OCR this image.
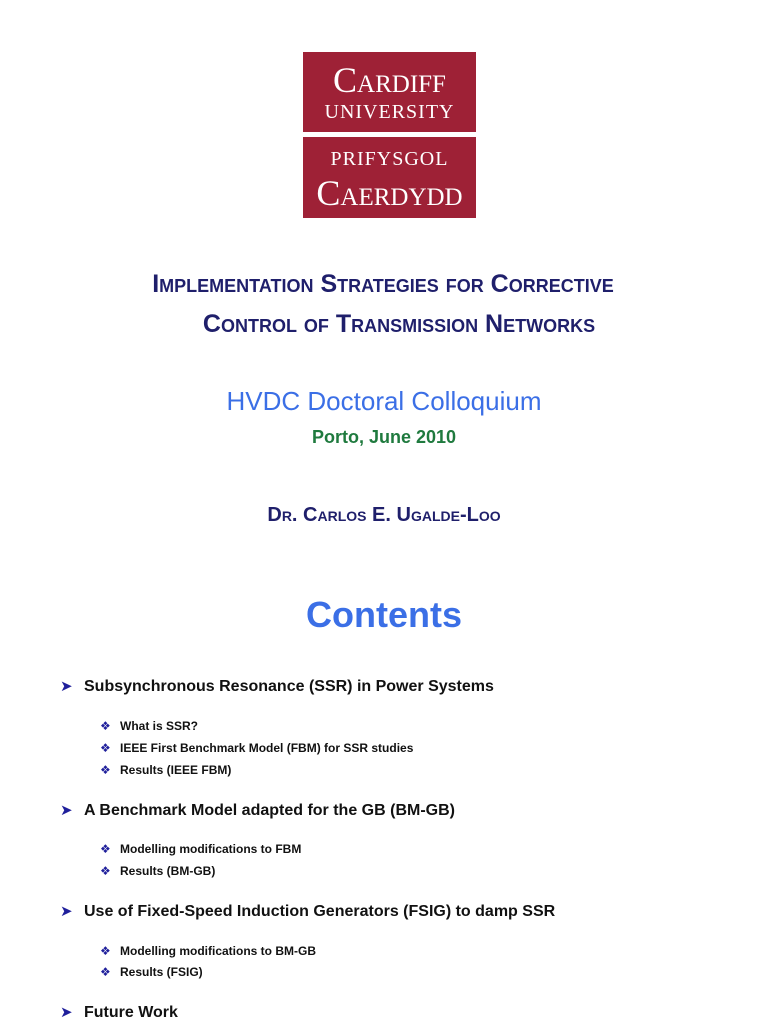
Cardiff
UNIVERSITY
PRIFYSGOL
Caerdydd
Implementation Strategies for Corrective
Control of Transmission Networks
HVDC Doctoral Colloquium
Porto, June 2010
Dr. Carlos E. Ugalde-Loo
Contents
➤ Subsynchronous Resonance (SSR) in Power Systems
❖ What is SSR?
❖ IEEE First Benchmark Model (FBM) for SSR studies
❖ Results (IEEE FBM)
➤ A Benchmark Model adapted for the GB (BM-GB)
❖ Modelling modifications to FBM
❖ Results (BM-GB)
➤ Use of Fixed-Speed Induction Generators (FSIG) to damp SSR
❖ Modelling modifications to BM-GB
❖ Results (FSIG)
➤ Future Work
